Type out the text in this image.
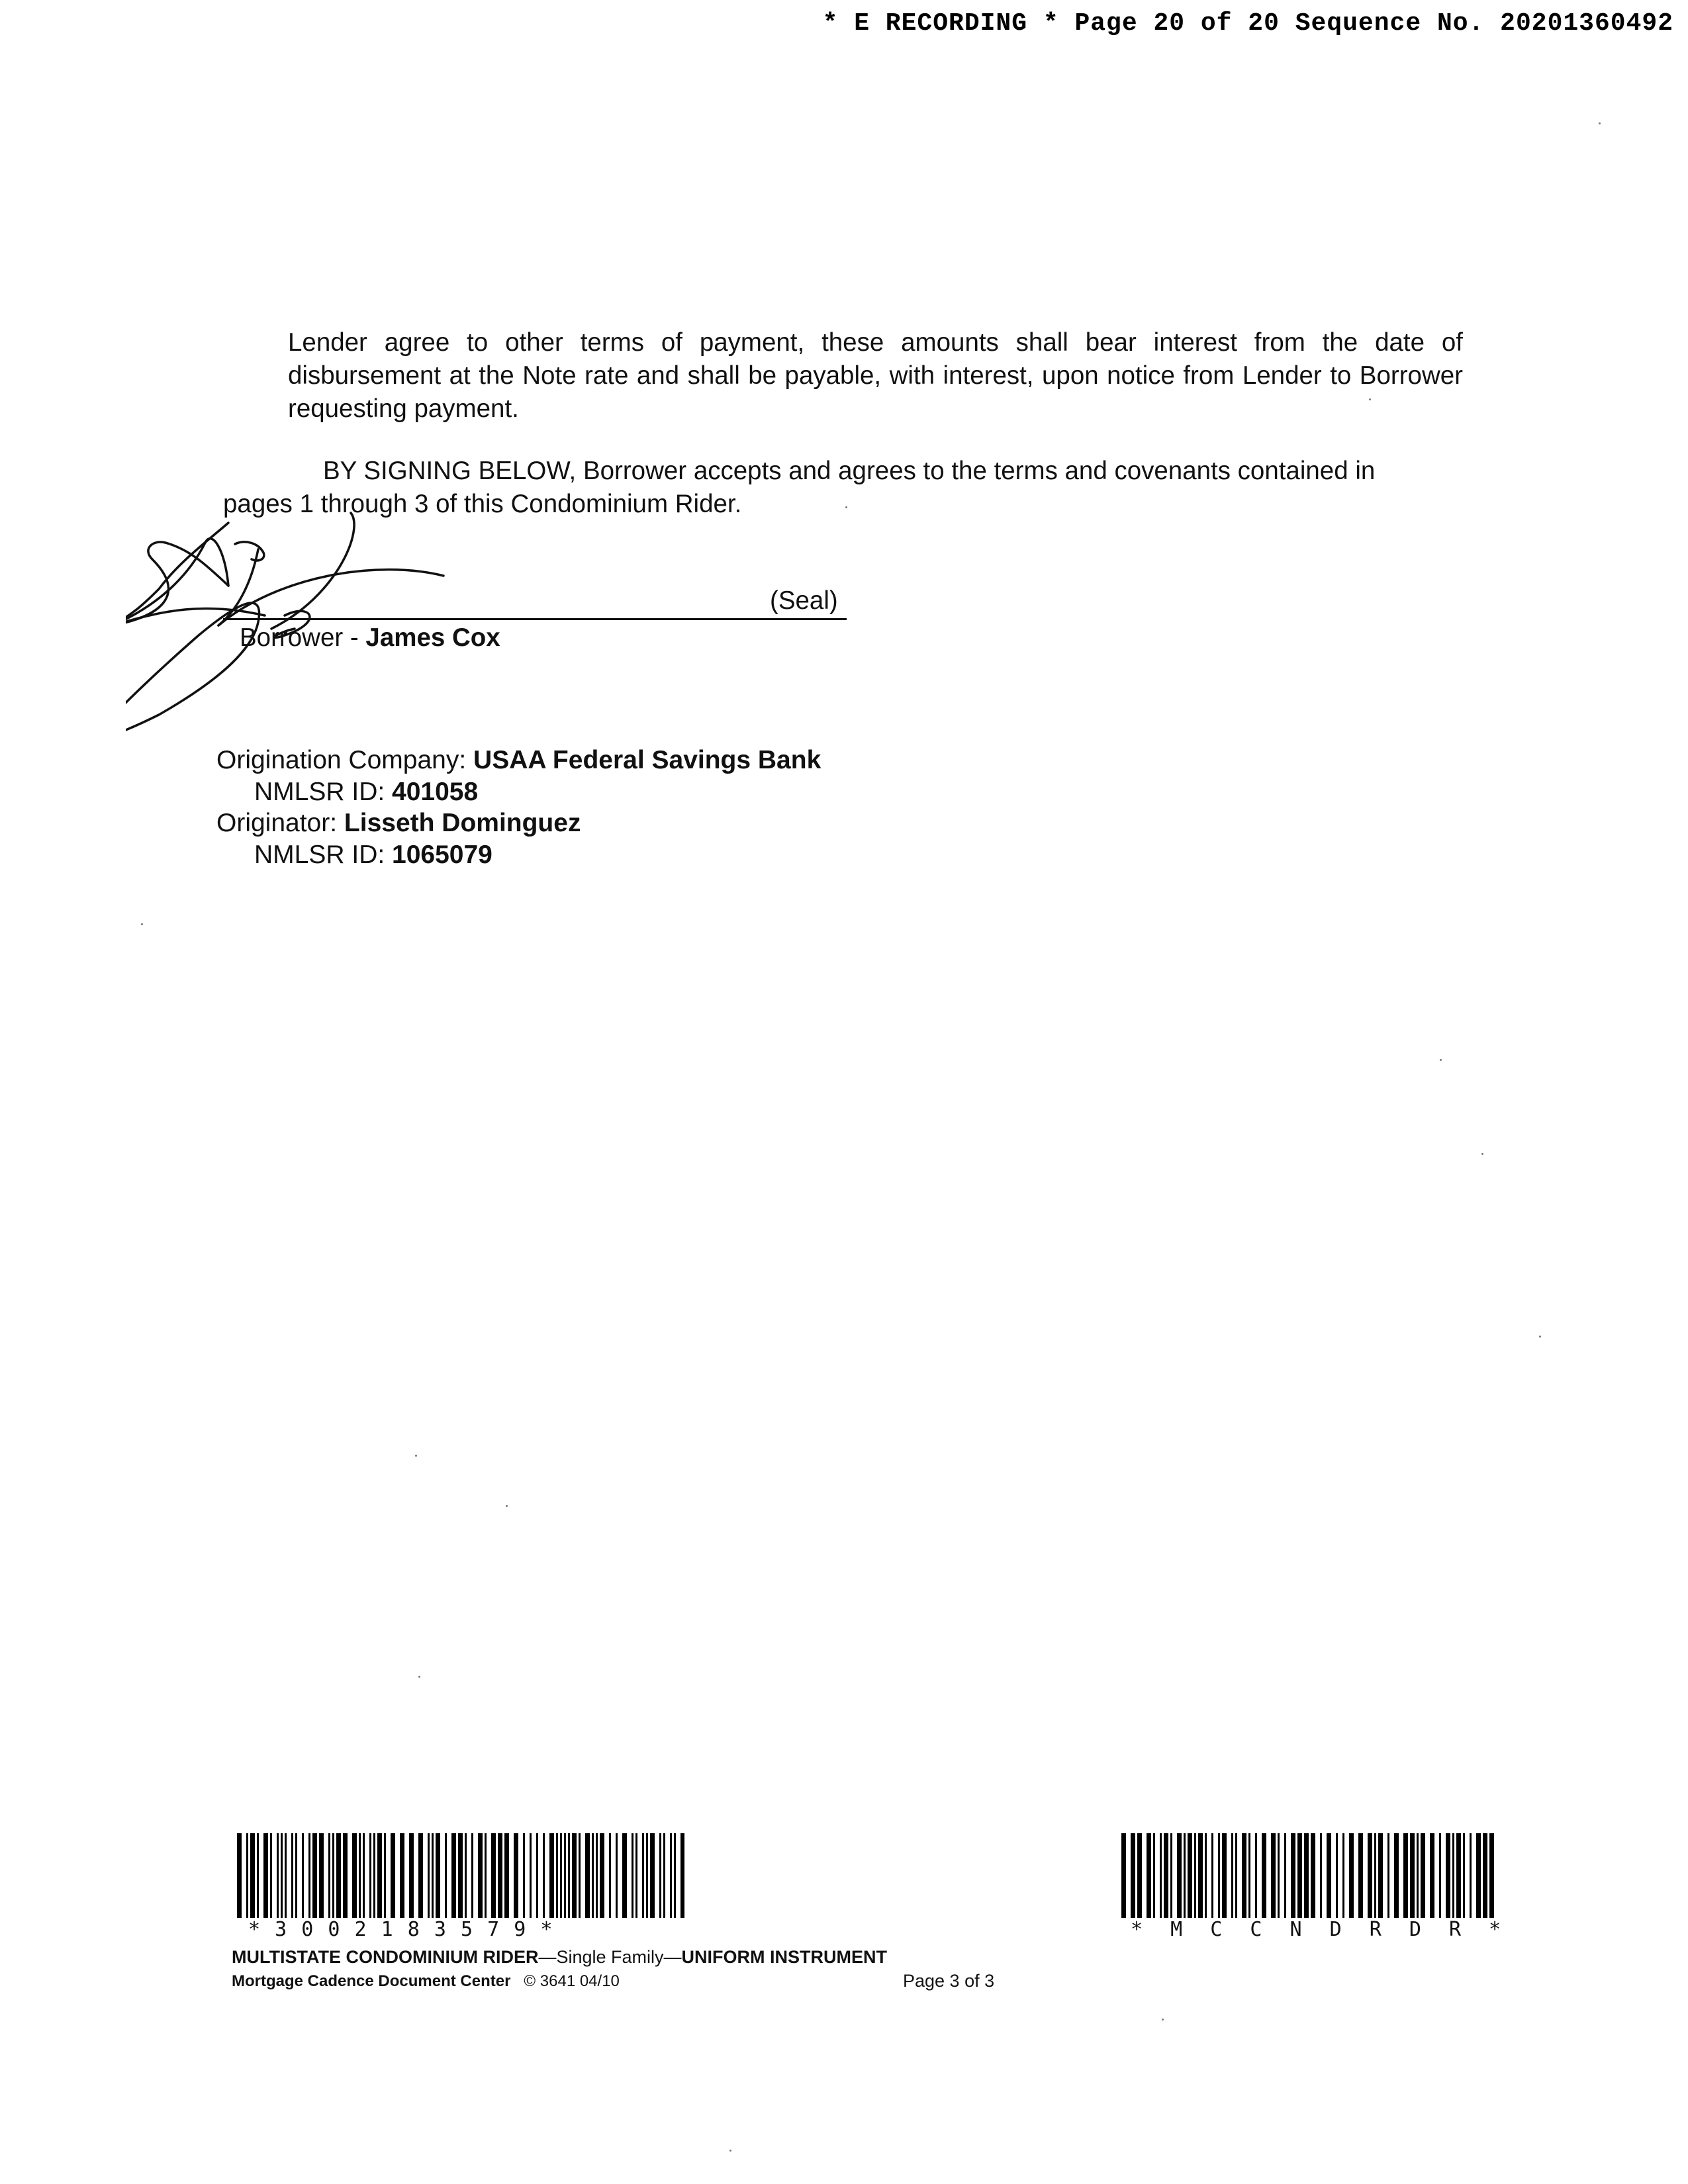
* E RECORDING * Page 20 of 20 Sequence No. 20201360492
Lender agree to other terms of payment, these amounts shall bear interest from the date of disbursement at the Note rate and shall be payable, with interest, upon notice from Lender to Borrower requesting payment.
BY SIGNING BELOW, Borrower accepts and agrees to the terms and covenants contained in
pages 1 through 3 of this Condominium Rider.
(Seal)
Borrower - James Cox
Origination Company: USAA Federal Savings Bank
NMLSR ID: 401058
Originator: Lisseth Dominguez
NMLSR ID: 1065079
* 3 0 0 2 1 8 3 5 7 9 *	* M C C N D R D R *
MULTISTATE CONDOMINIUM RIDER—Single Family—UNIFORM INSTRUMENT
Mortgage Cadence Document Center © 3641 04/10	Page 3 of 3
